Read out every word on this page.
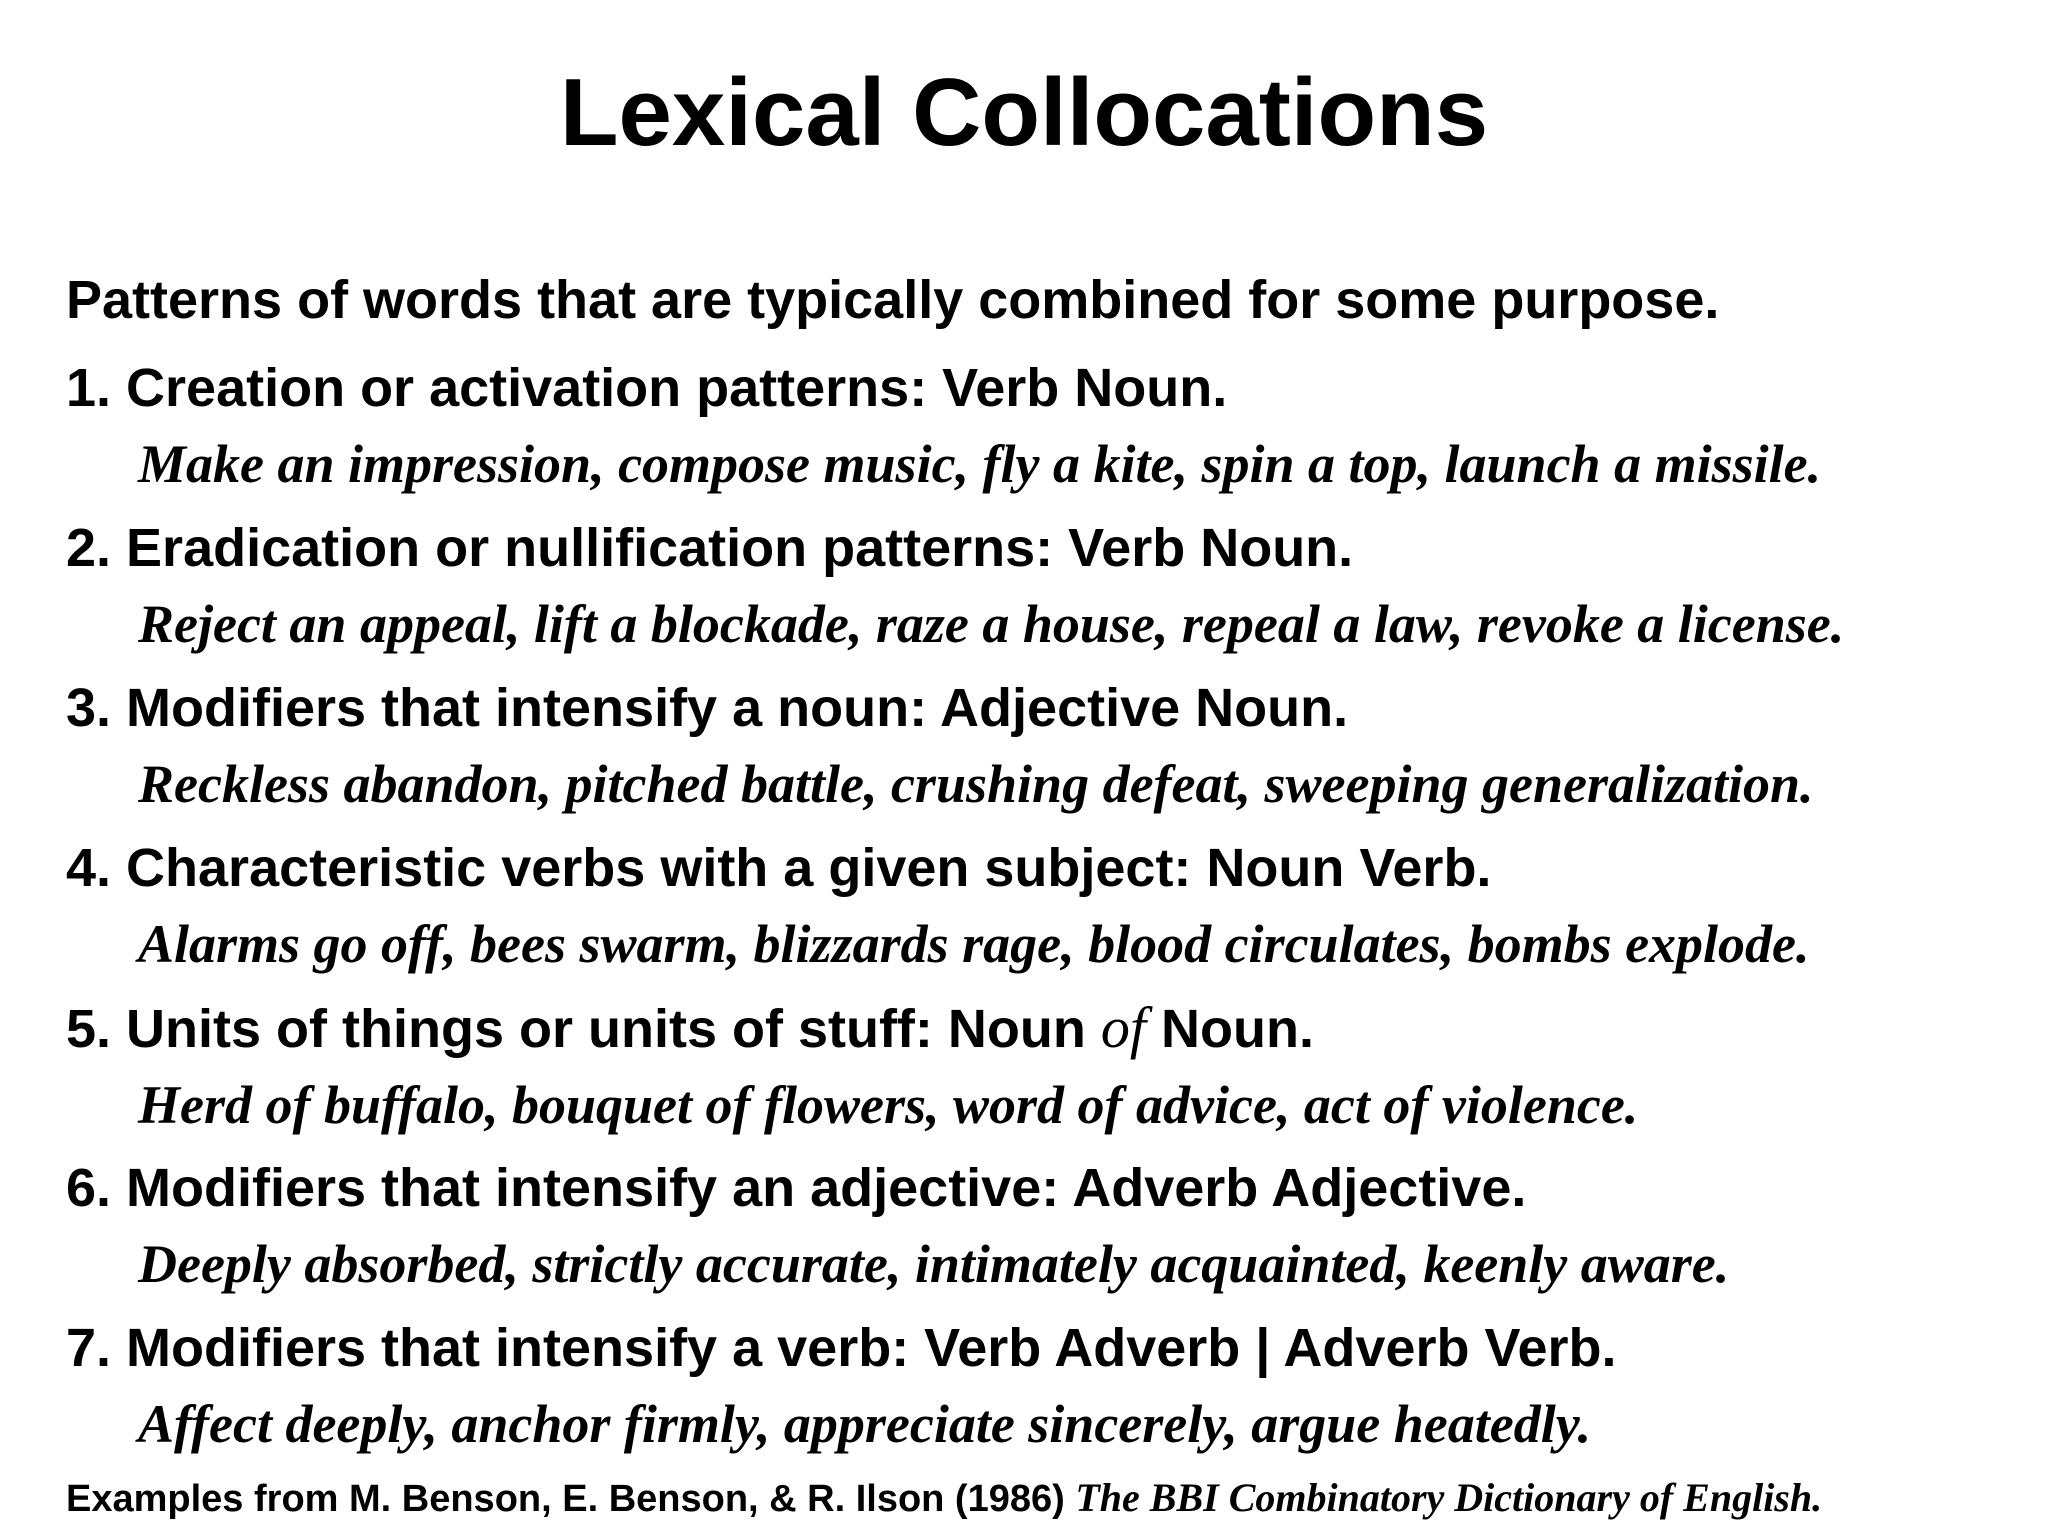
Lexical Collocations
Patterns of words that are typically combined for some purpose.
1. Creation or activation patterns: Verb Noun.
Make an impression, compose music, fly a kite, spin a top, launch a missile.
2. Eradication or nullification patterns: Verb Noun.
Reject an appeal, lift a blockade, raze a house, repeal a law, revoke a license.
3. Modifiers that intensify a noun: Adjective Noun.
Reckless abandon, pitched battle, crushing defeat, sweeping generalization.
4. Characteristic verbs with a given subject: Noun Verb.
Alarms go off, bees swarm, blizzards rage, blood circulates, bombs explode.
5. Units of things or units of stuff: Noun of Noun.
Herd of buffalo, bouquet of flowers, word of advice, act of violence.
6. Modifiers that intensify an adjective: Adverb Adjective.
Deeply absorbed, strictly accurate, intimately acquainted, keenly aware.
7. Modifiers that intensify a verb: Verb Adverb | Adverb Verb.
Affect deeply, anchor firmly, appreciate sincerely, argue heatedly.
Examples from M. Benson, E. Benson, & R. Ilson (1986) The BBI Combinatory Dictionary of English.
